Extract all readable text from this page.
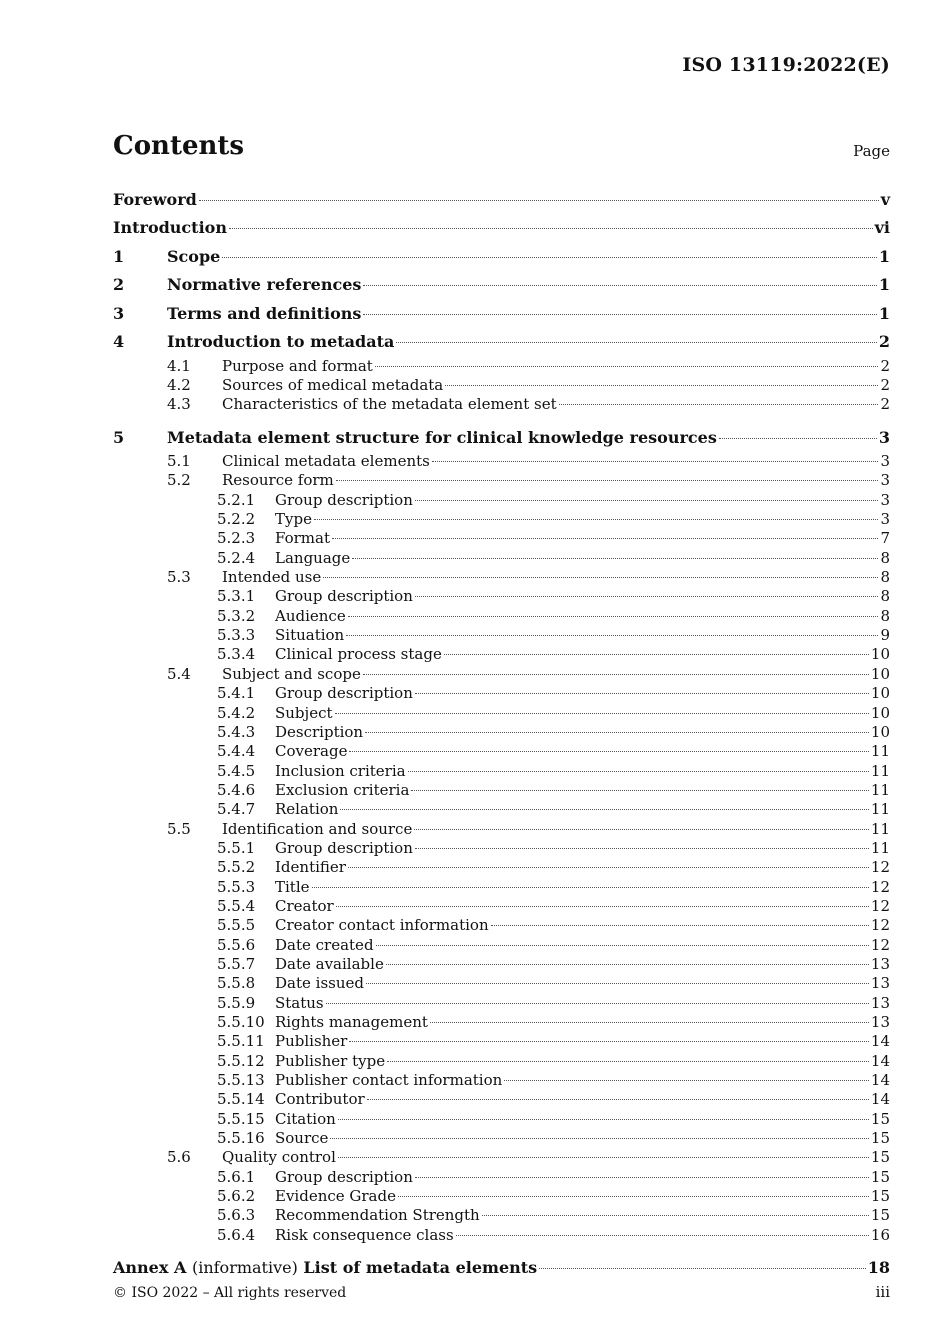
ISO 13119:2022(E)
Contents	Page
Foreword	v
Introduction	vi
1	Scope	1
2	Normative references	1
3	Terms and definitions	1
4	Introduction to metadata	2
4.1	Purpose and format	2
4.2	Sources of medical metadata	2
4.3	Characteristics of the metadata element set	2
5	Metadata element structure for clinical knowledge resources	3
5.1	Clinical metadata elements	3
5.2	Resource form	3
5.2.1	Group description	3
5.2.2	Type	3
5.2.3	Format	7
5.2.4	Language	8
5.3	Intended use	8
5.3.1	Group description	8
5.3.2	Audience	8
5.3.3	Situation	9
5.3.4	Clinical process stage	10
5.4	Subject and scope	10
5.4.1	Group description	10
5.4.2	Subject	10
5.4.3	Description	10
5.4.4	Coverage	11
5.4.5	Inclusion criteria	11
5.4.6	Exclusion criteria	11
5.4.7	Relation	11
5.5	Identification and source	11
5.5.1	Group description	11
5.5.2	Identifier	12
5.5.3	Title	12
5.5.4	Creator	12
5.5.5	Creator contact information	12
5.5.6	Date created	12
5.5.7	Date available	13
5.5.8	Date issued	13
5.5.9	Status	13
5.5.10 Rights management	13
5.5.11 Publisher	14
5.5.12 Publisher type	14
5.5.13 Publisher contact information	14
5.5.14 Contributor	14
5.5.15 Citation	15
5.5.16 Source	15
5.6	Quality control	15
5.6.1	Group description	15
5.6.2	Evidence Grade	15
5.6.3	Recommendation Strength	15
5.6.4	Risk consequence class	16
Annex A (informative) List of metadata elements	18
© ISO 2022 – All rights reserved	iii
